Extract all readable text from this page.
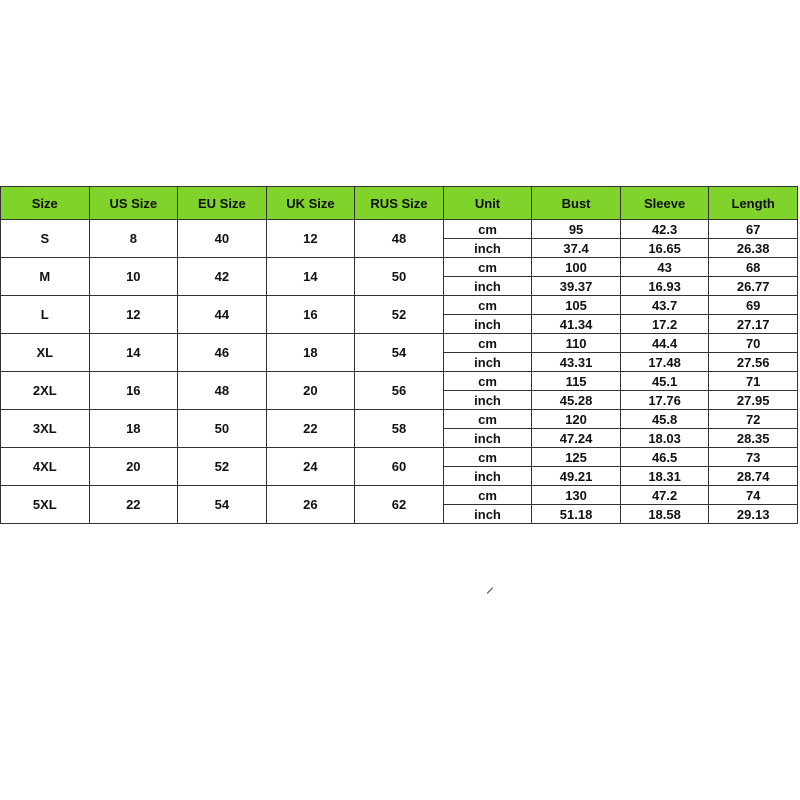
Size	US Size	EU Size	UK Size	RUS Size	Unit	Bust	Sleeve	Length
S	8	40	12	48	cm	95	42.3	67
					inch	37.4	16.65	26.38
M	10	42	14	50	cm	100	43	68
					inch	39.37	16.93	26.77
L	12	44	16	52	cm	105	43.7	69
					inch	41.34	17.2	27.17
XL	14	46	18	54	cm	110	44.4	70
					inch	43.31	17.48	27.56
2XL	16	48	20	56	cm	115	45.1	71
					inch	45.28	17.76	27.95
3XL	18	50	22	58	cm	120	45.8	72
					inch	47.24	18.03	28.35
4XL	20	52	24	60	cm	125	46.5	73
					inch	49.21	18.31	28.74
5XL	22	54	26	62	cm	130	47.2	74
					inch	51.18	18.58	29.13
